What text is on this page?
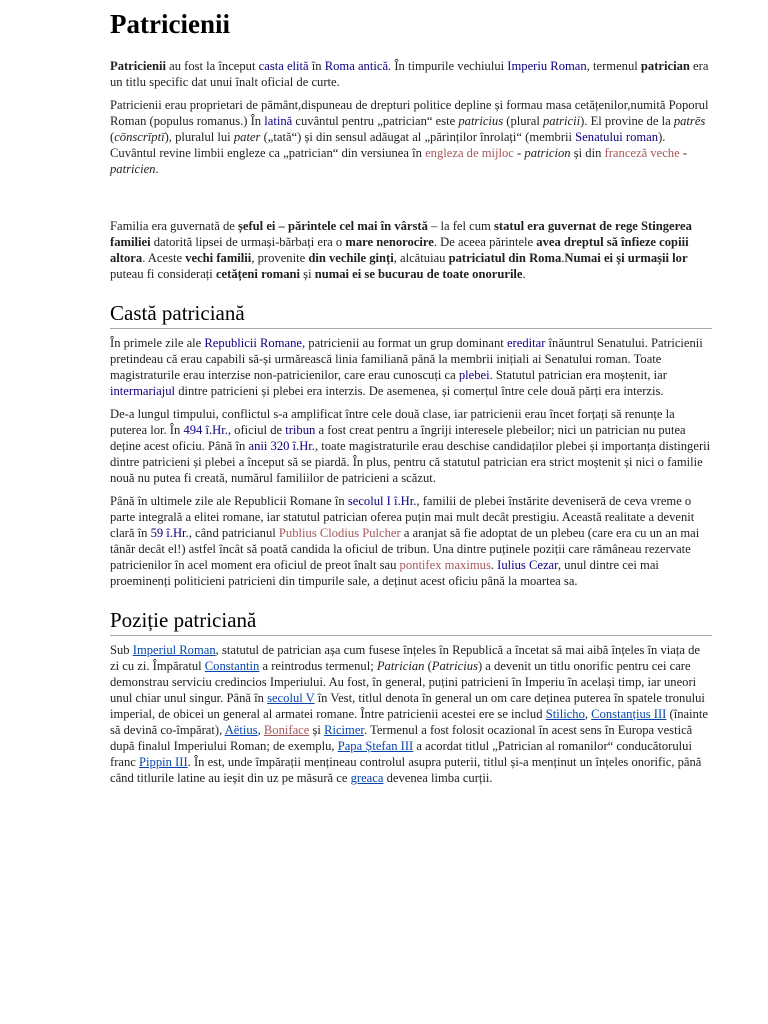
Patricienii

Patricienii au fost la început casta elită în Roma antică. În timpurile vechiului Imperiu Roman, termenul patrician era un titlu specific dat unui înalt oficial de curte.

Patricienii erau proprietari de pământ,dispuneau de drepturi politice depline și formau masa cetățenilor,numită Poporul Roman (populus romanus.) În latină cuvântul pentru „patrician“ este patricius (plural patricii). El provine de la patrēs (cōnscrīptī), pluralul lui pater („tată“) și din sensul adăugat al „părinților înrolați“ (membrii Senatului roman). Cuvântul revine limbii engleze ca „patrician“ din versiunea în engleza de mijloc - patricion și din franceză veche - patricien.

Familia era guvernată de șeful ei – părintele cel mai în vârstă – la fel cum statul era guvernat de rege Stingerea familiei datorită lipsei de urmași-bărbați era o mare nenorocire. De aceea părintele avea dreptul să înfieze copiii altora. Aceste vechi familii, provenite din vechile ginți, alcătuiau patriciatul din Roma.Numai ei și urmașii lor puteau fi considerați cetățeni romani și numai ei se bucurau de toate onorurile.

Castă patriciană

În primele zile ale Republicii Romane, patricienii au format un grup dominant ereditar înăuntrul Senatului. Patricienii pretindeau că erau capabili să-și urmărească linia familiană până la membrii inițiali ai Senatului roman. Toate magistraturile erau interzise non-patricienilor, care erau cunoscuți ca plebei. Statutul patrician era moștenit, iar intermariajul dintre patricieni și plebei era interzis. De asemenea, și comerțul între cele două părți era interzis.

De-a lungul timpului, conflictul s-a amplificat între cele două clase, iar patricienii erau încet forțați să renunțe la puterea lor. În 494 î.Hr., oficiul de tribun a fost creat pentru a îngriji interesele plebeilor; nici un patrician nu putea deține acest oficiu. Până în anii 320 î.Hr., toate magistraturile erau deschise candidaților plebei și importanța distingerii dintre patricieni și plebei a început să se piardă. În plus, pentru că statutul patrician era strict moștenit și nici o familie nouă nu putea fi creată, numărul familiilor de patricieni a scăzut.

Până în ultimele zile ale Republicii Romane în secolul I î.Hr., familii de plebei înstărite deveniseră de ceva vreme o parte integrală a elitei romane, iar statutul patrician oferea puțin mai mult decât prestigiu. Această realitate a devenit clară în 59 î.Hr., când patricianul Publius Clodius Pulcher a aranjat să fie adoptat de un plebeu (care era cu un an mai tânăr decât el!) astfel încât să poată candida la oficiul de tribun. Una dintre puținele poziții care rămâneau rezervate patricienilor în acel moment era oficiul de preot înalt sau pontifex maximus. Iulius Cezar, unul dintre cei mai proeminenți politicieni patricieni din timpurile sale, a deținut acest oficiu până la moartea sa.

Poziție patriciană

Sub Imperiul Roman, statutul de patrician așa cum fusese înțeles în Republică a încetat să mai aibă înțeles în viața de zi cu zi. Împăratul Constantin a reintrodus termenul; Patrician (Patricius) a devenit un titlu onorific pentru cei care demonstrau serviciu credincios Imperiului. Au fost, în general, puțini patricieni în Imperiu în același timp, iar uneori unul chiar unul singur. Până în secolul V în Vest, titlul denota în general un om care deținea puterea în spatele tronului imperial, de obicei un general al armatei romane. Între patricienii acestei ere se includ Stilicho, Constanțius III (înainte să devină co-împărat), Aëtius, Boniface și Ricimer. Termenul a fost folosit ocazional în acest sens în Europa vestică după finalul Imperiului Roman; de exemplu, Papa Ștefan III a acordat titlul „Patrician al romanilor“ conducătorului franc Pippin III. În est, unde împărații mențineau controlul asupra puterii, titlul și-a menținut un înțeles onorific, până când titlurile latine au ieșit din uz pe măsură ce greaca devenea limba curții.
